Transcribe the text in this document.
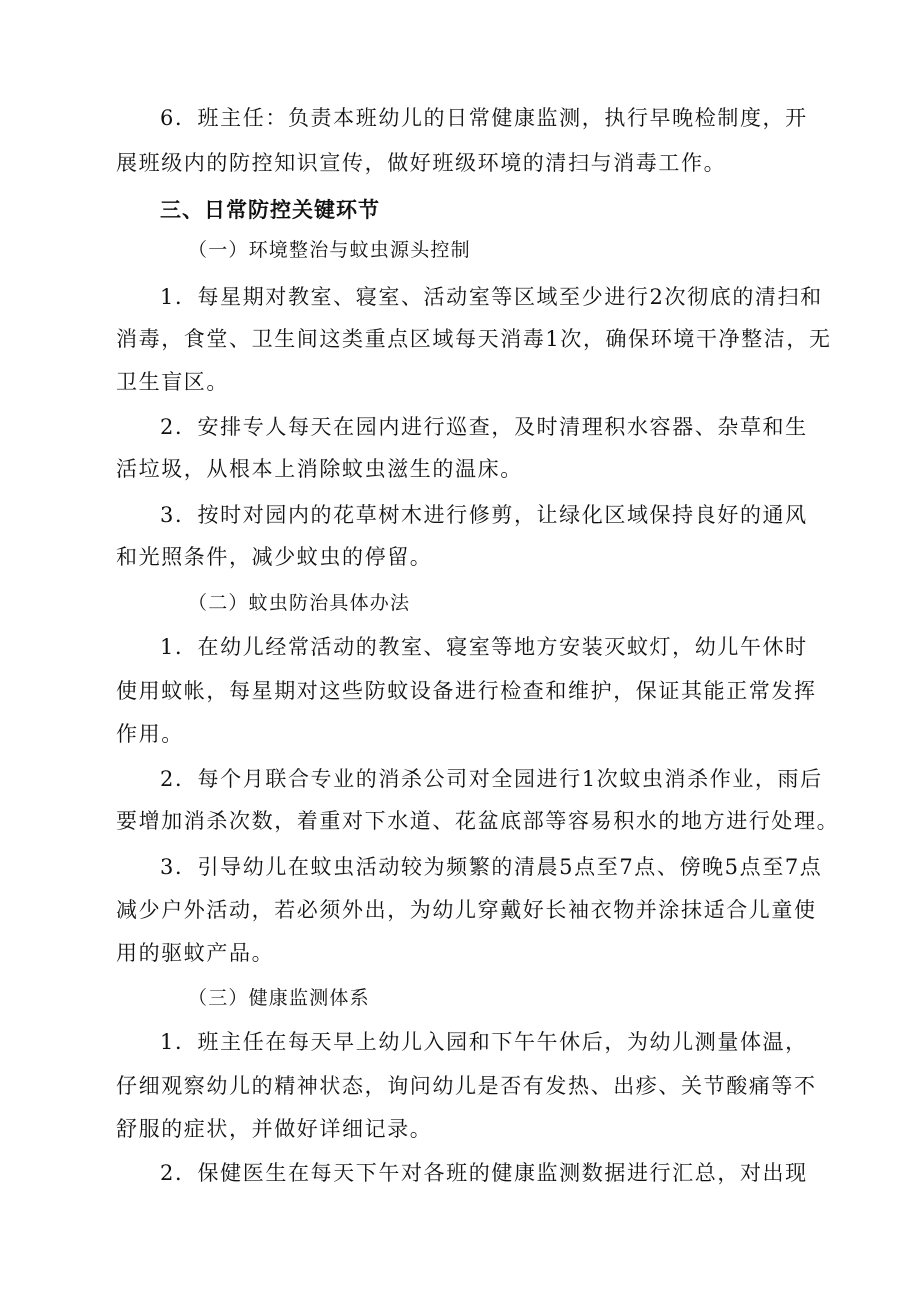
6．班主任：负责本班幼儿的日常健康监测，执行早晚检制度，开
展班级内的防控知识宣传，做好班级环境的清扫与消毒工作。
三、日常防控关键环节
（一）环境整治与蚊虫源头控制
1．每星期对教室、寝室、活动室等区域至少进行2次彻底的清扫和
消毒，食堂、卫生间这类重点区域每天消毒1次，确保环境干净整洁，无
卫生盲区。
2．安排专人每天在园内进行巡查，及时清理积水容器、杂草和生
活垃圾，从根本上消除蚊虫滋生的温床。
3．按时对园内的花草树木进行修剪，让绿化区域保持良好的通风
和光照条件，减少蚊虫的停留。
（二）蚊虫防治具体办法
1．在幼儿经常活动的教室、寝室等地方安装灭蚊灯，幼儿午休时
使用蚊帐，每星期对这些防蚊设备进行检查和维护，保证其能正常发挥
作用。
2．每个月联合专业的消杀公司对全园进行1次蚊虫消杀作业，雨后
要增加消杀次数，着重对下水道、花盆底部等容易积水的地方进行处理。
3．引导幼儿在蚊虫活动较为频繁的清晨5点至7点、傍晚5点至7点
减少户外活动，若必须外出，为幼儿穿戴好长袖衣物并涂抹适合儿童使
用的驱蚊产品。
（三）健康监测体系
1．班主任在每天早上幼儿入园和下午午休后，为幼儿测量体温，
仔细观察幼儿的精神状态，询问幼儿是否有发热、出疹、关节酸痛等不
舒服的症状，并做好详细记录。
2．保健医生在每天下午对各班的健康监测数据进行汇总，对出现
